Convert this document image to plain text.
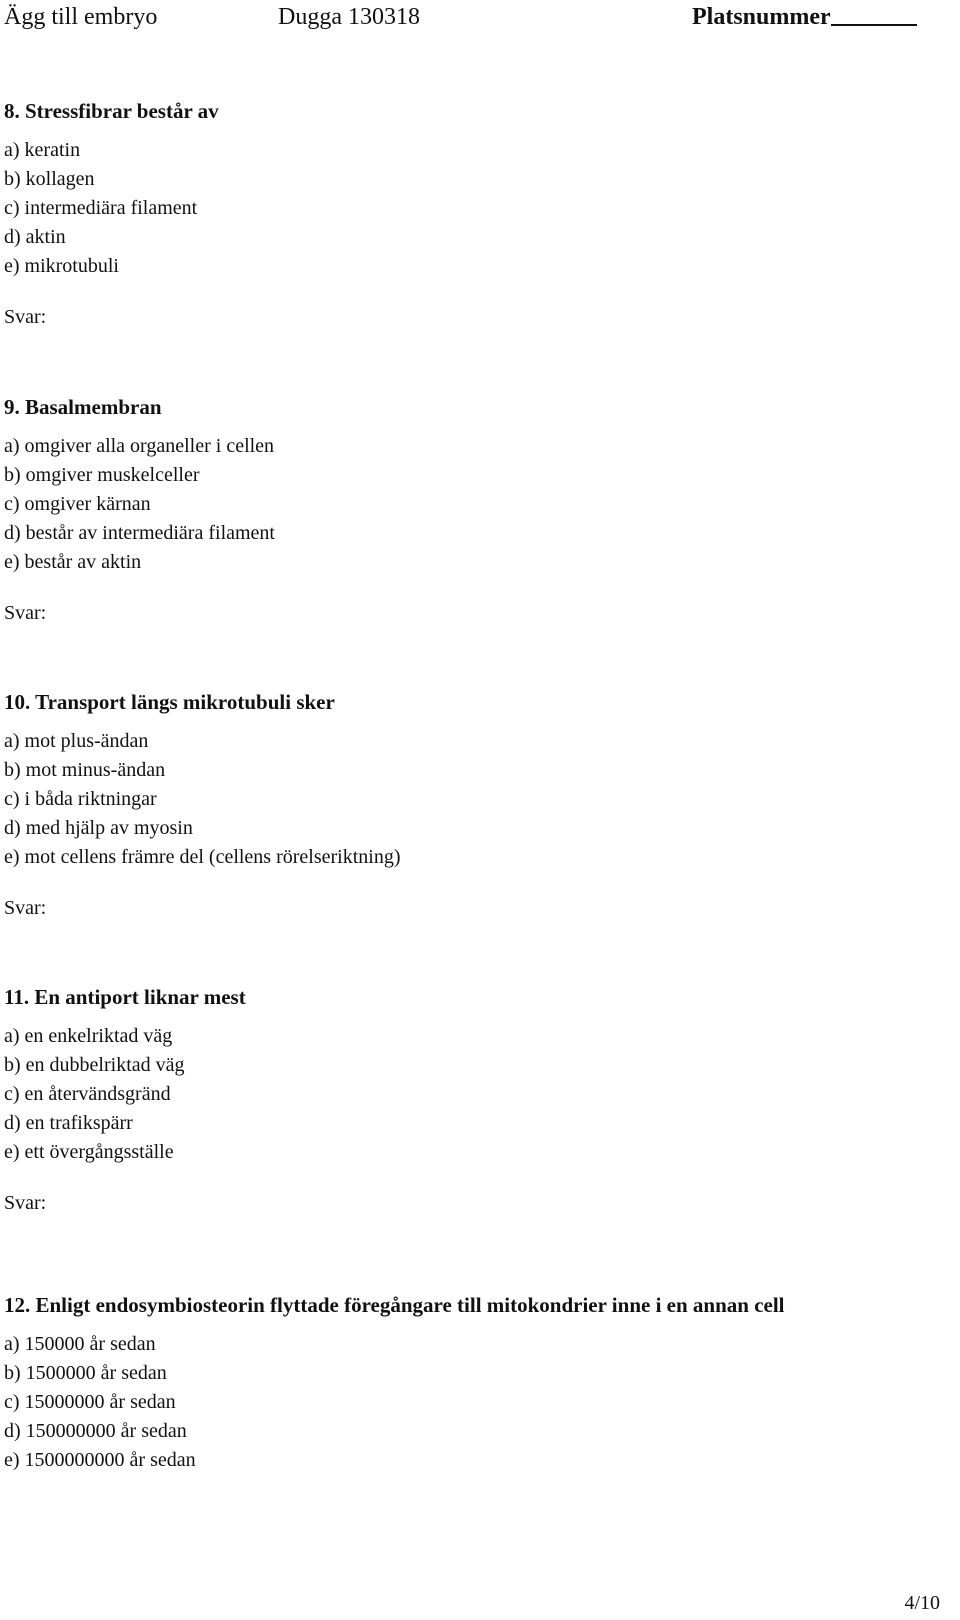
Ägg till embryo	Dugga 130318	Platsnummer
8. Stressfibrar består av
a) keratin
b) kollagen
c) intermediära filament
d) aktin
e) mikrotubuli
Svar:
9. Basalmembran
a) omgiver alla organeller i cellen
b) omgiver muskelceller
c) omgiver kärnan
d) består av intermediära filament
e) består av aktin
Svar:
10. Transport längs mikrotubuli sker
a) mot plus-ändan
b) mot minus-ändan
c) i båda riktningar
d) med hjälp av myosin
e) mot cellens främre del (cellens rörelseriktning)
Svar:
11. En antiport liknar mest
a) en enkelriktad väg
b) en dubbelriktad väg
c) en återvändsgränd
d) en trafikspärr
e) ett övergångsställe
Svar:
12. Enligt endosymbiosteorin flyttade föregångare till mitokondrier inne i en annan cell
a) 150000 år sedan
b) 1500000 år sedan
c) 15000000 år sedan
d) 150000000 år sedan
e) 1500000000 år sedan
4/10
